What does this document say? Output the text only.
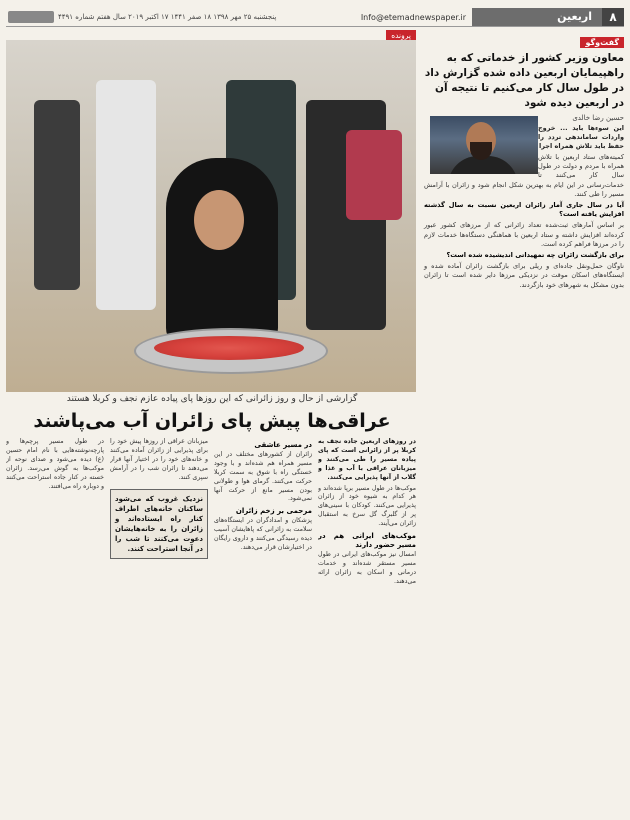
۸
اربعین
Info@etemadnewspaper.ir
پنجشنبه ۲۵ مهر ۱۳۹۸ ۱۸ صفر ۱۴۴۱ ۱۷ اکتبر ۲۰۱۹ سال هفتم شماره ۴۴۹۱
گفت‌وگو
معاون وزیر کشور از خدماتی که به راهپیمایان اربعین داده شده گزارش داد در طول سال کار می‌کنیم تا نتیجه آن در اربعین دیده شود
حسین رضا خالدی

این سوء‌ها باید ... خروج واردات ساماندهی تردد را حفظ باید تلاش همراه اجرا

کمیته‌های ستاد اربعین با تلاش همراه با مردم و دولت در طول سال کار می‌کنند تا خدمات‌رسانی در این ایام به بهترین شکل انجام شود و زائران با آرامش مسیر را طی کنند.

آیا در سال جاری آمار زائران اربعین نسبت به سال گذشته افزایش یافته است؟

بر اساس آمارهای ثبت‌شده تعداد زائرانی که از مرزهای کشور عبور کرده‌اند افزایش داشته و ستاد اربعین با هماهنگی دستگاه‌ها خدمات لازم را در مرزها فراهم کرده است.

برای بازگشت زائران چه تمهیداتی اندیشیده شده است؟

ناوگان حمل‌ونقل جاده‌ای و ریلی برای بازگشت زائران آماده شده و ایستگاه‌های اسکان موقت در نزدیکی مرزها دایر شده است تا زائران بدون مشکل به شهرهای خود بازگردند.

پرونده
گزارشی از حال و روز زائرانی که این روزها پای پیاده عازم نجف و کربلا هستند
عراقی‌ها پیش پای زائران آب می‌پاشند

در روزهای اربعین جاده نجف به کربلا پر از زائرانی است که پای پیاده مسیر را طی می‌کنند و میزبانان عراقی با آب و غذا و گلاب از آنها پذیرایی می‌کنند.

موکب‌ها در طول مسیر برپا شده‌اند و هر کدام به شیوه خود از زائران پذیرایی می‌کنند. کودکان با سینی‌های پر از گلبرگ گل سرخ به استقبال زائران می‌آیند.

موکب‌های ایرانی هم در مسیر حضور دارند

امسال نیز موکب‌های ایرانی در طول مسیر مستقر شده‌اند و خدمات درمانی و اسکان به زائران ارائه می‌دهند.

در مسیر عاشقی

زائران از کشورهای مختلف در این مسیر همراه هم شده‌اند و با وجود خستگی راه با شوق به سمت کربلا حرکت می‌کنند. گرمای هوا و طولانی بودن مسیر مانع از حرکت آنها نمی‌شود.

مرحمی بر زخم زائران

پزشکان و امدادگران در ایستگاه‌های سلامت به زائرانی که پاهایشان آسیب دیده رسیدگی می‌کنند و داروی رایگان در اختیارشان قرار می‌دهند.

میزبانان عراقی از روزها پیش خود را برای پذیرایی از زائران آماده می‌کنند و خانه‌های خود را در اختیار آنها قرار می‌دهند تا زائران شب را در آرامش سپری کنند.

نزدیک غروب که می‌شود ساکنان خانه‌های اطراف کنار راه ایستاده‌اند و زائران را به خانه‌هایشان دعوت می‌کنند تا شب را در آنجا استراحت کنند.

در طول مسیر پرچم‌ها و پارچه‌نوشته‌هایی با نام امام حسین (ع) دیده می‌شود و صدای نوحه از موکب‌ها به گوش می‌رسد. زائران خسته در کنار جاده استراحت می‌کنند و دوباره راه می‌افتند.
